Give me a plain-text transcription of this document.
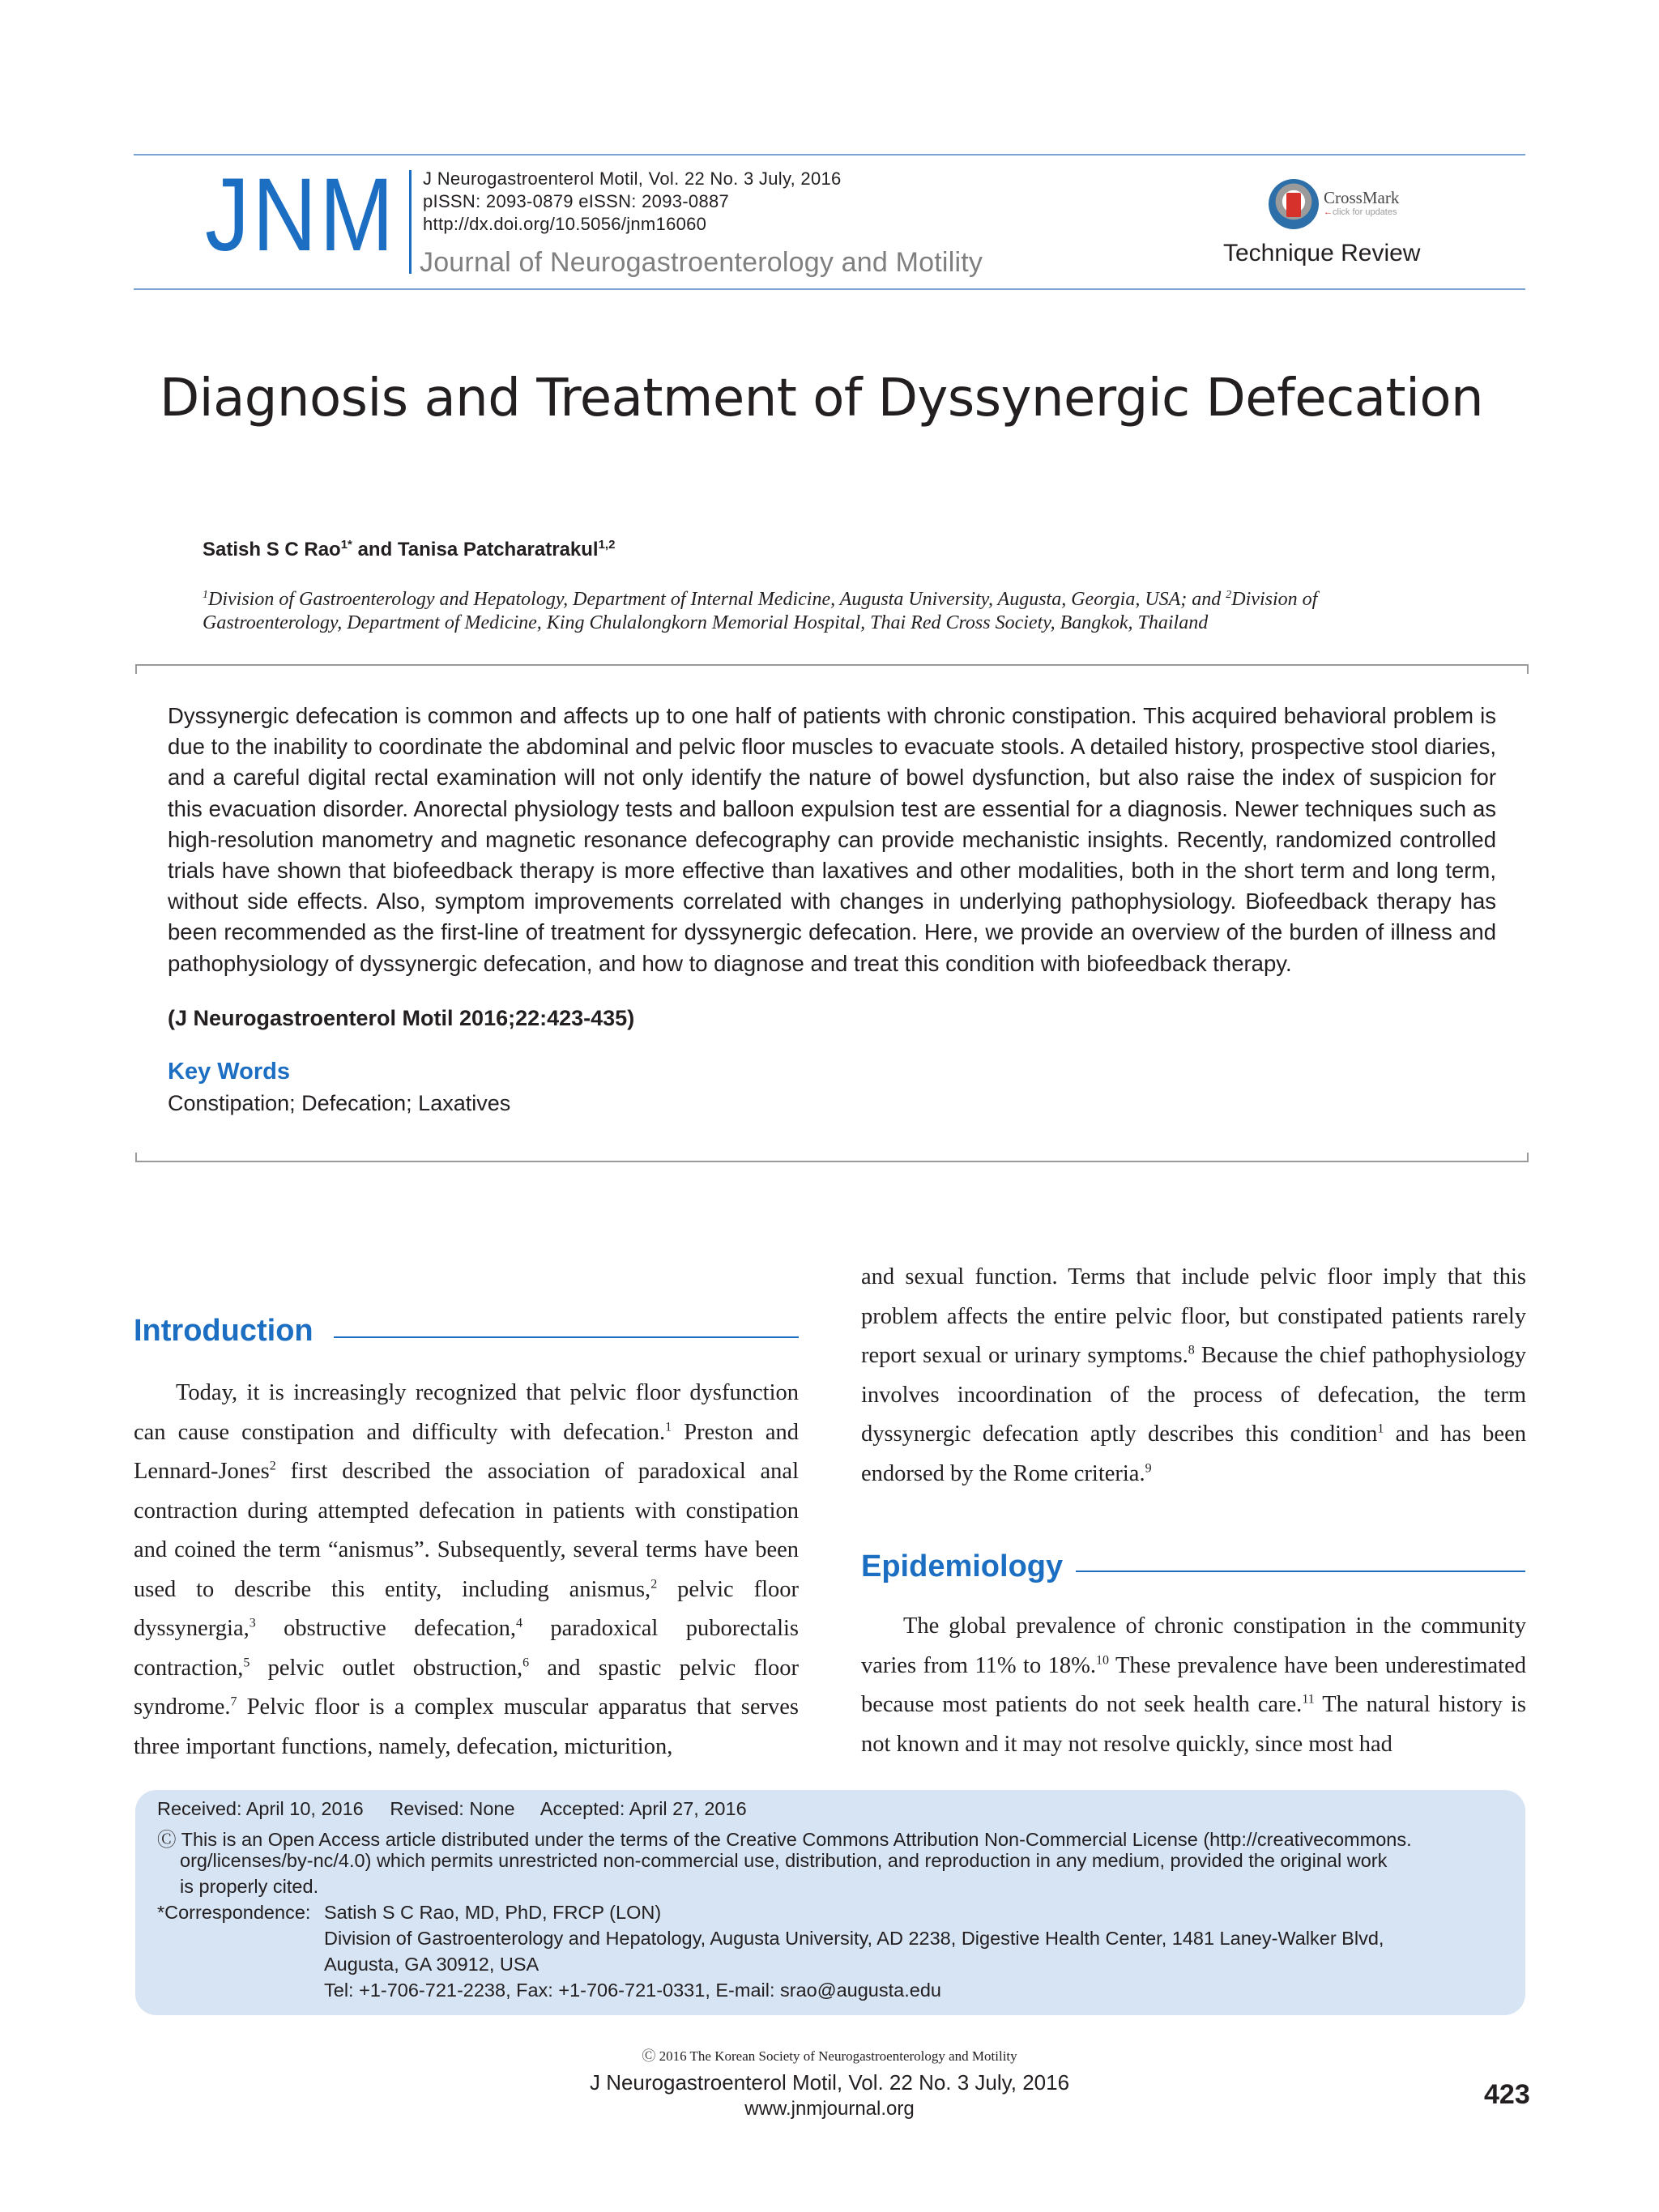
JNM J Neurogastroenterol Motil, Vol. 22 No. 3 July, 2016
pISSN: 2093-0879 eISSN: 2093-0887
http://dx.doi.org/10.5056/jnm16060
Journal of Neurogastroenterology and Motility
CrossMark
←click for updates
Technique Review
Diagnosis and Treatment of Dyssynergic Defecation
Satish S C Rao$^{1*}$ and Tanisa Patcharatrakul$^{1,2}$
$^1$Division of Gastroenterology and Hepatology, Department of Internal Medicine, Augusta University, Augusta, Georgia, USA; and $^2$Division of
Gastroenterology, Department of Medicine, King Chulalongkorn Memorial Hospital, Thai Red Cross Society, Bangkok, Thailand
Dyssynergic defecation is common and affects up to one half of patients with chronic constipation. This acquired behavioral problem is due to the inability to coordinate the abdominal and pelvic floor muscles to evacuate stools. A detailed history, prospective stool diaries, and a careful digital rectal examination will not only identify the nature of bowel dysfunction, but also raise the index of suspicion for this evacuation disorder. Anorectal physiology tests and balloon expulsion test are essential for a diagnosis. Newer techniques such as high-resolution manometry and magnetic resonance defecography can provide mechanistic insights. Recently, randomized controlled trials have shown that biofeedback therapy is more effective than laxatives and other modalities, both in the short term and long term, without side effects. Also, symptom improvements correlated with changes in underlying pathophysiology. Biofeedback therapy has been recommended as the first-line of treatment for dyssynergic defecation. Here, we provide an overview of the burden of illness and pathophysiology of dyssynergic defecation, and how to diagnose and treat this condition with biofeedback therapy.
(J Neurogastroenterol Motil 2016;22:423-435)
Key Words
Constipation; Defecation; Laxatives
Introduction

Today, it is increasingly recognized that pelvic floor dysfunction can cause constipation and difficulty with defecation.$^1$ Preston and Lennard-Jones$^2$ first described the association of paradoxical anal contraction during attempted defecation in patients with constipation and coined the term “anismus”. Subsequently, several terms have been used to describe this entity, including anismus,$^2$ pelvic floor dyssynergia,$^3$ obstructive defecation,$^4$ paradoxical puborectalis contraction,$^5$ pelvic outlet obstruction,$^6$ and spastic pelvic floor syndrome.$^7$ Pelvic floor is a complex muscular apparatus that serves three important functions, namely, defecation, micturition,

and sexual function. Terms that include pelvic floor imply that this problem affects the entire pelvic floor, but constipated patients rarely report sexual or urinary symptoms.$^8$ Because the chief pathophysiology involves incoordination of the process of defecation, the term dyssynergic defecation aptly describes this condition$^1$ and has been endorsed by the Rome criteria.$^9$

Epidemiology

The global prevalence of chronic constipation in the community varies from 11% to 18%.$^{10}$ These prevalence have been underestimated because most patients do not seek health care.$^{11}$ The natural history is not known and it may not resolve quickly, since most had

Received: April 10, 2016     Revised: None     Accepted: April 27, 2016
Ⓒ This is an Open Access article distributed under the terms of the Creative Commons Attribution Non-Commercial License (http://creativecommons.
org/licenses/by-nc/4.0) which permits unrestricted non-commercial use, distribution, and reproduction in any medium, provided the original work
is properly cited.
*Correspondence: Satish S C Rao, MD, PhD, FRCP (LON)
Division of Gastroenterology and Hepatology, Augusta University, AD 2238, Digestive Health Center, 1481 Laney-Walker Blvd,
Augusta, GA 30912, USA
Tel: +1-706-721-2238, Fax: +1-706-721-0331, E-mail: srao@augusta.edu
Ⓒ 2016 The Korean Society of Neurogastroenterology and Motility
J Neurogastroenterol Motil, Vol. 22 No. 3 July, 2016
www.jnmjournal.org	423
